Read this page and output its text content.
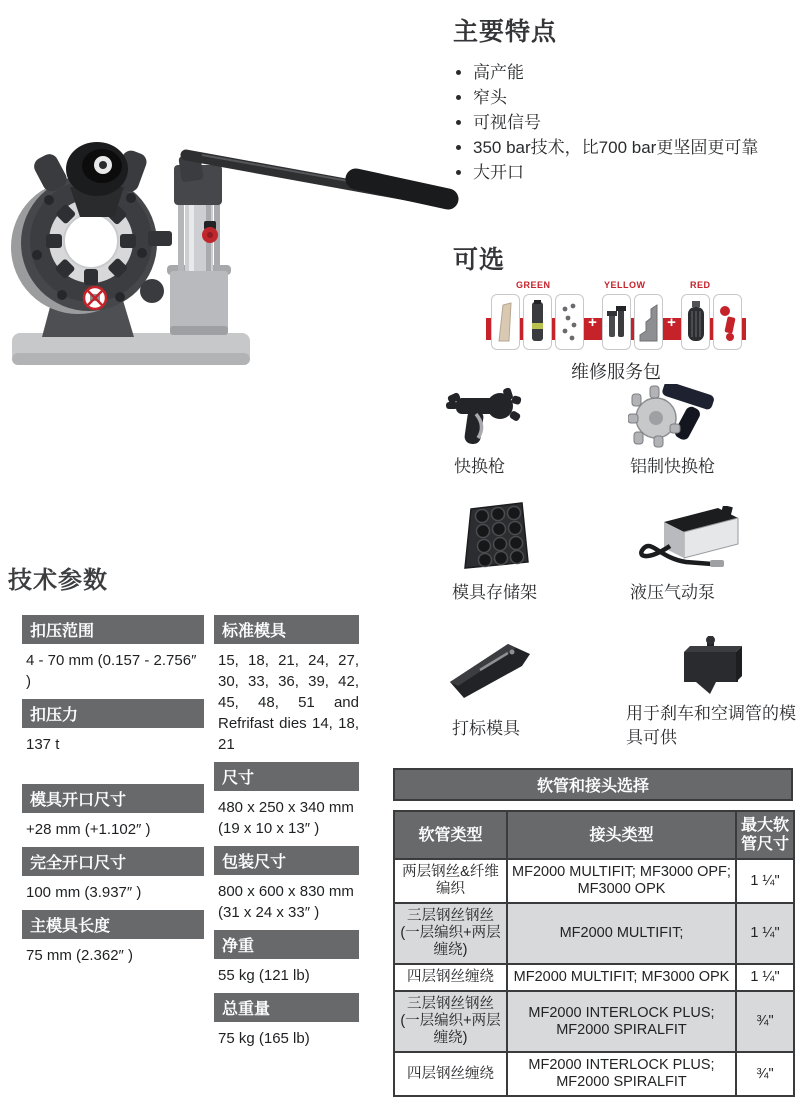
主要特点
• 高产能
• 窄头
• 可视信号
• 350 bar技术，比700 bar更坚固更可靠
• 大开口
可选
GREEN	YELLOW	RED
+	+
维修服务包
快换枪	铝制快换枪
模具存储架	液压气动泵
打标模具
用于刹车和空调管的模具可供
技术参数
扣压范围
4 - 70 mm (0.157 - 2.756″ )
扣压力
137 t
模具开口尺寸
+28 mm (+1.102″ )
完全开口尺寸
100 mm (3.937″ )
主模具长度
75 mm (2.362″ )
标准模具
15, 18, 21, 24, 27, 30, 33, 36, 39, 42, 45, 48, 51 and Refrifast dies 14, 18, 21
尺寸
480 x 250 x 340 mm (19 x 10 x 13″ )
包装尺寸
800 x 600 x 830 mm (31 x 24 x 33″ )
净重
55 kg (121 lb)
总重量
75 kg (165 lb)
软管和接头选择
软管类型	接头类型	最大软管尺寸
两层钢丝&纤维编织	MF2000 MULTIFIT; MF3000 OPF; MF3000 OPK	1 ¼"
三层钢丝钢丝 (一层编织+两层缠绕)	MF2000 MULTIFIT;	1 ¼"
四层钢丝缠绕	MF2000 MULTIFIT; MF3000 OPK	1 ¼"
三层钢丝钢丝 (一层编织+两层缠绕)	MF2000 INTERLOCK PLUS; MF2000 SPIRALFIT	¾"
四层钢丝缠绕	MF2000 INTERLOCK PLUS; MF2000 SPIRALFIT	¾"
